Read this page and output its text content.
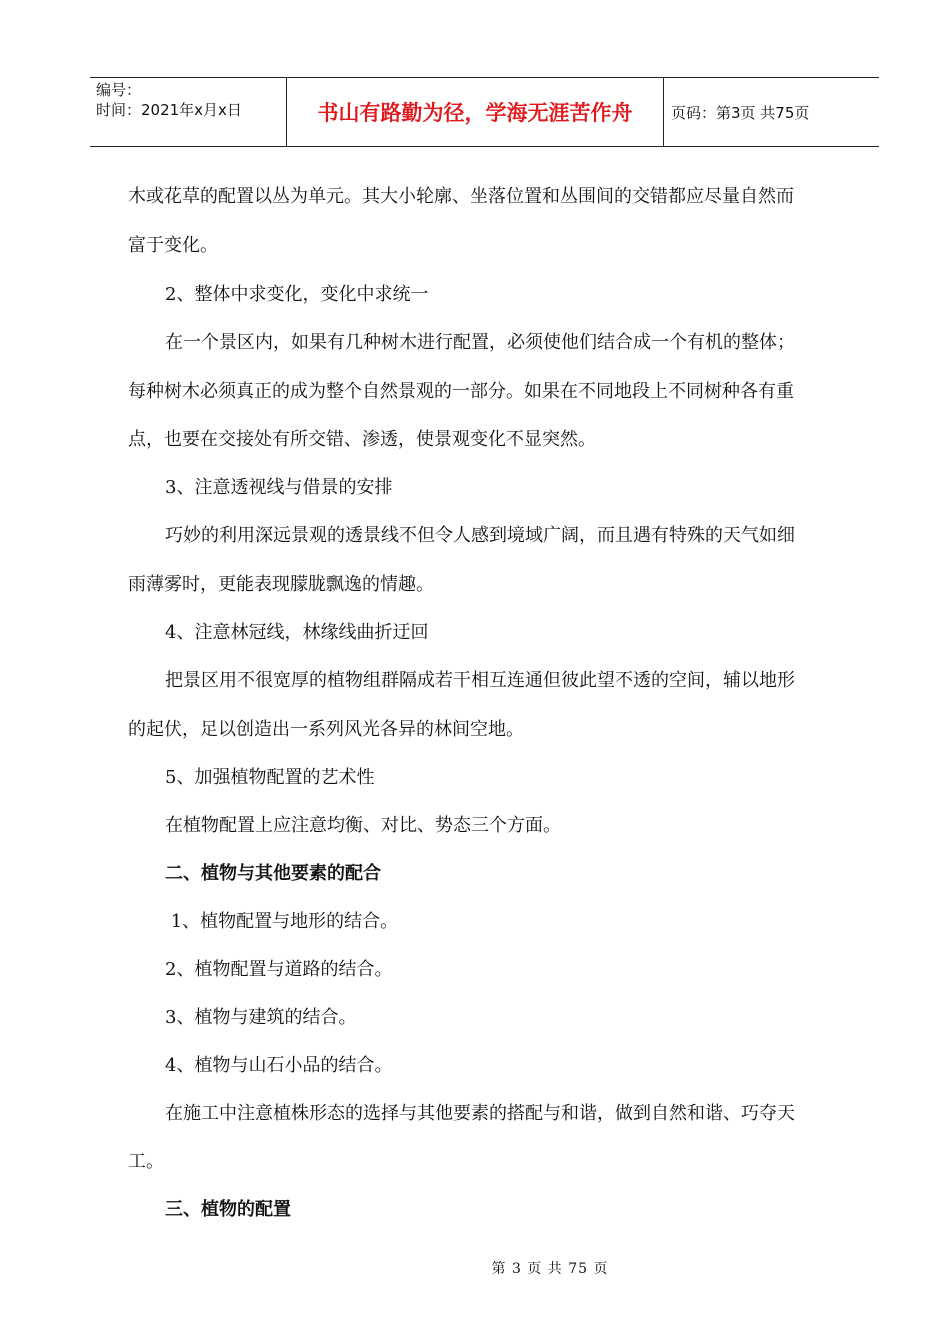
编号：
时间：2021年x月x日	书山有路勤为径，学海无涯苦作舟	页码：第3页 共75页
木或花草的配置以丛为单元。其大小轮廓、坐落位置和丛围间的交错都应尽量自然而
富于变化。
2、整体中求变化，变化中求统一
在一个景区内，如果有几种树木进行配置，必须使他们结合成一个有机的整体；
每种树木必须真正的成为整个自然景观的一部分。如果在不同地段上不同树种各有重
点，也要在交接处有所交错、渗透，使景观变化不显突然。
3、注意透视线与借景的安排
巧妙的利用深远景观的透景线不但令人感到境域广阔，而且遇有特殊的天气如细
雨薄雾时，更能表现朦胧飘逸的情趣。
4、注意林冠线，林缘线曲折迂回
把景区用不很宽厚的植物组群隔成若干相互连通但彼此望不透的空间，辅以地形
的起伏，足以创造出一系列风光各异的林间空地。
5、加强植物配置的艺术性
在植物配置上应注意均衡、对比、势态三个方面。
二、植物与其他要素的配合
1、植物配置与地形的结合。
2、植物配置与道路的结合。
3、植物与建筑的结合。
4、植物与山石小品的结合。
在施工中注意植株形态的选择与其他要素的搭配与和谐，做到自然和谐、巧夺天
工。
三、植物的配置
第 3 页 共 75 页
